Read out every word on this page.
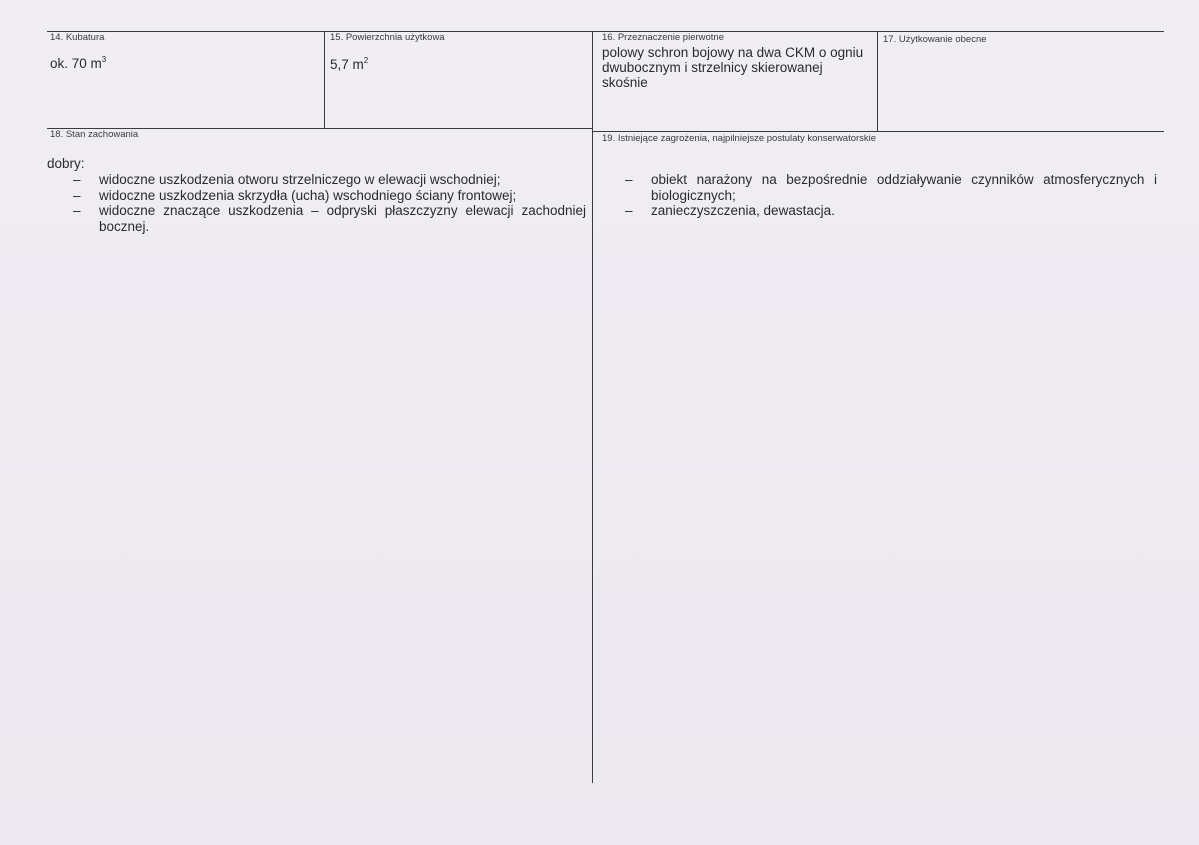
14. Kubatura
ok. 70 $m^3$
15. Powierzchnia użytkowa
5,7 $m^2$
16. Przeznaczenie pierwotne
polowy schron bojowy na dwa CKM o ogniu dwubocznym i strzelnicy skierowanej skośnie
17. Użytkowanie obecne
18. Stan zachowania
dobry:
– widoczne uszkodzenia otworu strzelniczego w elewacji wschodniej;
– widoczne uszkodzenia skrzydła (ucha) wschodniego ściany frontowej;
– widoczne znaczące uszkodzenia – odpryski płaszczyzny elewacji zachodniej bocznej.
19. Istniejące zagrożenia, najpilniejsze postulaty konserwatorskie
– obiekt narażony na bezpośrednie oddziaływanie czynników atmosferycznych i biologicznych;
– zanieczyszczenia, dewastacja.
